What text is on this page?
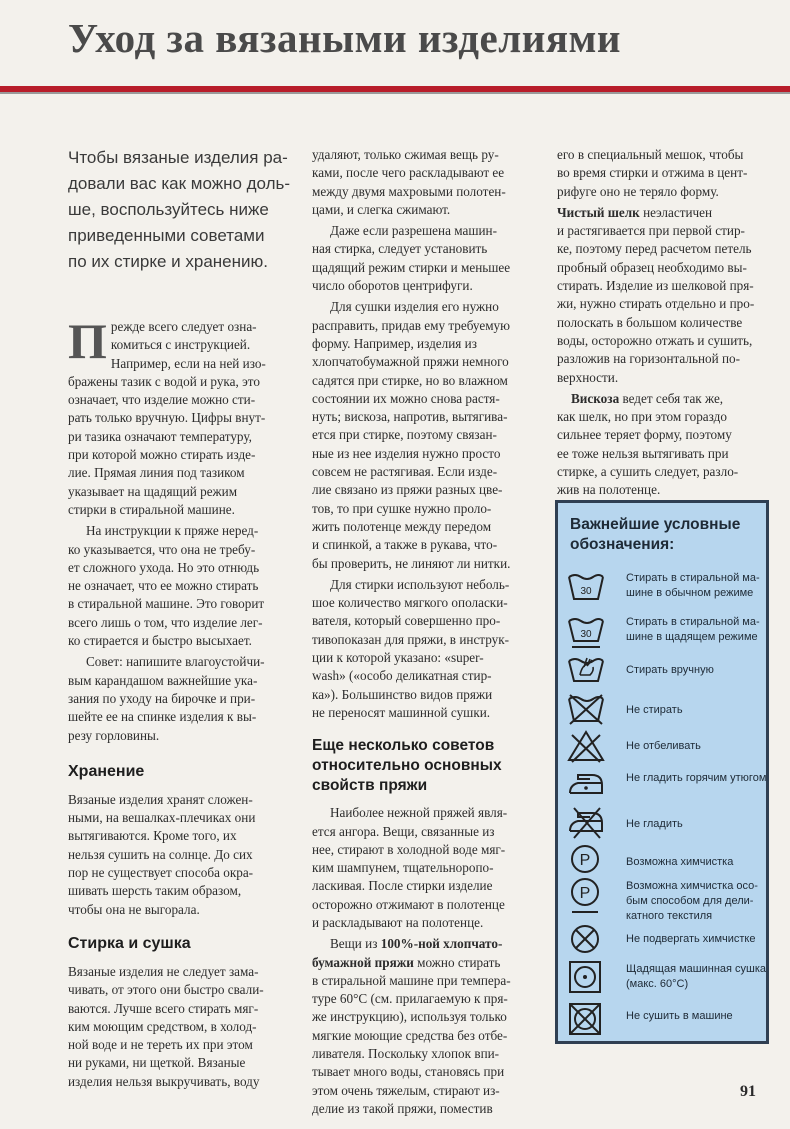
Уход за вязаными изделиями
Чтобы вязаные изделия ра-
довали вас как можно доль-
ше, воспользуйтесь ниже
приведенными советами
по их стирке и хранению.

П режде всего следует озна-
комиться с инструкцией.
Например, если на ней изо-
бражены тазик с водой и рука, это
означает, что изделие можно сти-
рать только вручную. Цифры внут-
ри тазика означают температуру,
при которой можно стирать изде-
лие. Прямая линия под тазиком
указывает на щадящий режим
стирки в стиральной машине.

На инструкции к пряже неред-
ко указывается, что она не требу-
ет сложного ухода. Но это отнюдь
не означает, что ее можно стирать
в стиральной машине. Это говорит
всего лишь о том, что изделие лег-
ко стирается и быстро высыхает.

Совет: напишите влагоустойчи-
вым карандашом важнейшие ука-
зания по уходу на бирочке и при-
шейте ее на спинке изделия к вы-
резу горловины.

Хранение

Вязаные изделия хранят сложен-
ными, на вешалках-плечиках они
вытягиваются. Кроме того, их
нельзя сушить на солнце. До сих
пор не существует способа окра-
шивать шерсть таким образом,
чтобы она не выгорала.

Стирка и сушка

Вязаные изделия не следует зама-
чивать, от этого они быстро свали-
ваются. Лучше всего стирать мяг-
ким моющим средством, в холод-
ной воде и не тереть их при этом
ни руками, ни щеткой. Вязаные
изделия нельзя выкручивать, воду

удаляют, только сжимая вещь ру-
ками, после чего раскладывают ее
между двумя махровыми полотен-
цами, и слегка сжимают.

Даже если разрешена машин-
ная стирка, следует установить
щадящий режим стирки и меньшее
число оборотов центрифуги.

Для сушки изделия его нужно
расправить, придав ему требуемую
форму. Например, изделия из
хлопчатобумажной пряжи немного
садятся при стирке, но во влажном
состоянии их можно снова растя-
нуть; вискоза, напротив, вытягива-
ется при стирке, поэтому связан-
ные из нее изделия нужно просто
совсем не растягивая. Если изде-
лие связано из пряжи разных цве-
тов, то при сушке нужно проло-
жить полотенце между передом
и спинкой, а также в рукава, что-
бы проверить, не линяют ли нитки.

Для стирки используют неболь-
шое количество мягкого ополаски-
вателя, который совершенно про-
тивопоказан для пряжи, в инструк-
ции к которой указано: «super-
wash» («особо деликатная стир-
ка»). Большинство видов пряжи
не переносят машинной сушки.

Еще несколько советов
относительно основных
свойств пряжи

Наиболее нежной пряжей явля-
ется ангора. Вещи, связанные из
нее, стирают в холодной воде мяг-
ким шампунем, тщательноропо-
ласкивая. После стирки изделие
осторожно отжимают в полотенце
и раскладывают на полотенце.

Вещи из 100%-ной хлопчато-
бумажной пряжи можно стирать
в стиральной машине при темпера-
туре 60°C (см. прилагаемую к пря-
же инструкцию), используя только
мягкие моющие средства без отбе-
ливателя. Поскольку хлопок впи-
тывает много воды, становясь при
этом очень тяжелым, стирают из-
делие из такой пряжи, поместив

его в специальный мешок, чтобы
во время стирки и отжима в цент-
рифуге оно не теряло форму.

Чистый шелк неэластичен
и растягивается при первой стир-
ке, поэтому перед расчетом петель
пробный образец необходимо вы-
стирать. Изделие из шелковой пря-
жи, нужно стирать отдельно и про-
полоскать в большом количестве
воды, осторожно отжать и сушить,
разложив на горизонтальной по-
верхности.

Вискоза ведет себя так же,
как шелк, но при этом гораздо
сильнее теряет форму, поэтому
ее тоже нельзя вытягивать при
стирке, а сушить следует, разло-
жив на полотенце.

Важнейшие условные
обозначения:
30
Стирать в стиральной ма-шине в обычном режиме
30
Стирать в стиральной ма-шине в щадящем режиме
Стирать вручную
Не стирать
Не отбеливать
Не гладить горячим утюгом
Не гладить
P	Возможна химчистка
P	Возможна химчистка осо-бым способом для дели-катного текстиля
Не подвергать химчистке
Щадящая машинная сушка (макс. 60°C)
Не сушить в машине
91
